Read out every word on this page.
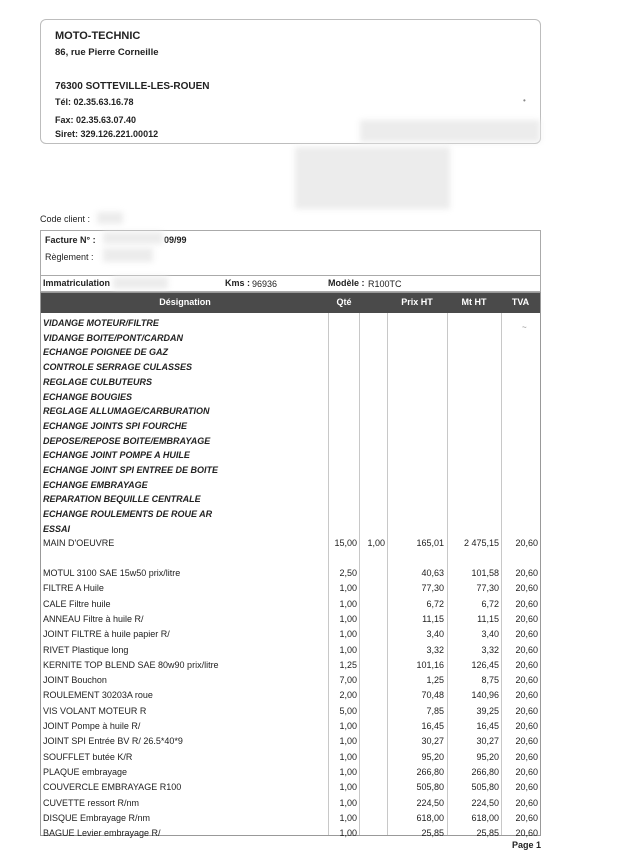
MOTO-TECHNIC
86, rue Pierre Corneille
76300 SOTTEVILLE-LES-ROUEN
Tél: 02.35.63.16.78
Fax: 02.35.63.07.40
Siret: 329.126.221.00012
•
Code client :
Facture N° :	09/99
Règlement :
Immatriculation	Kms : 96936	Modèle : R100TC
Désignation	Qté	Prix HT	Mt HT	TVA
~
VIDANGE MOTEUR/FILTRE
VIDANGE BOITE/PONT/CARDAN
ECHANGE POIGNEE DE GAZ
CONTROLE SERRAGE CULASSES
REGLAGE CULBUTEURS
ECHANGE BOUGIES
REGLAGE ALLUMAGE/CARBURATION
ECHANGE JOINTS SPI FOURCHE
DEPOSE/REPOSE BOITE/EMBRAYAGE
ECHANGE JOINT POMPE A HUILE
ECHANGE JOINT SPI ENTREE DE BOITE
ECHANGE EMBRAYAGE
REPARATION BEQUILLE CENTRALE
ECHANGE ROULEMENTS DE ROUE AR
ESSAI
MAIN D'OEUVRE	15,00	1,00	165,01	2 475,15	20,60
MOTUL 3100 SAE 15w50 prix/litre	2,50	40,63	101,58	20,60
FILTRE A Huile	1,00	77,30	77,30	20,60
CALE Filtre huile	1,00	6,72	6,72	20,60
ANNEAU Filtre à huile R/	1,00	11,15	11,15	20,60
JOINT FILTRE à huile papier R/	1,00	3,40	3,40	20,60
RIVET Plastique long	1,00	3,32	3,32	20,60
KERNITE TOP BLEND SAE 80w90 prix/litre	1,25	101,16	126,45	20,60
JOINT Bouchon	7,00	1,25	8,75	20,60
ROULEMENT 30203A roue	2,00	70,48	140,96	20,60
VIS VOLANT MOTEUR R	5,00	7,85	39,25	20,60
JOINT Pompe à huile R/	1,00	16,45	16,45	20,60
JOINT SPI Entrée BV R/ 26.5*40*9	1,00	30,27	30,27	20,60
SOUFFLET butée K/R	1,00	95,20	95,20	20,60
PLAQUE embrayage	1,00	266,80	266,80	20,60
COUVERCLE EMBRAYAGE R100	1,00	505,80	505,80	20,60
CUVETTE ressort R/nm	1,00	224,50	224,50	20,60
DISQUE Embrayage R/nm	1,00	618,00	618,00	20,60
BAGUE Levier embrayage R/	1,00	25,85	25,85	20,60
Page 1
